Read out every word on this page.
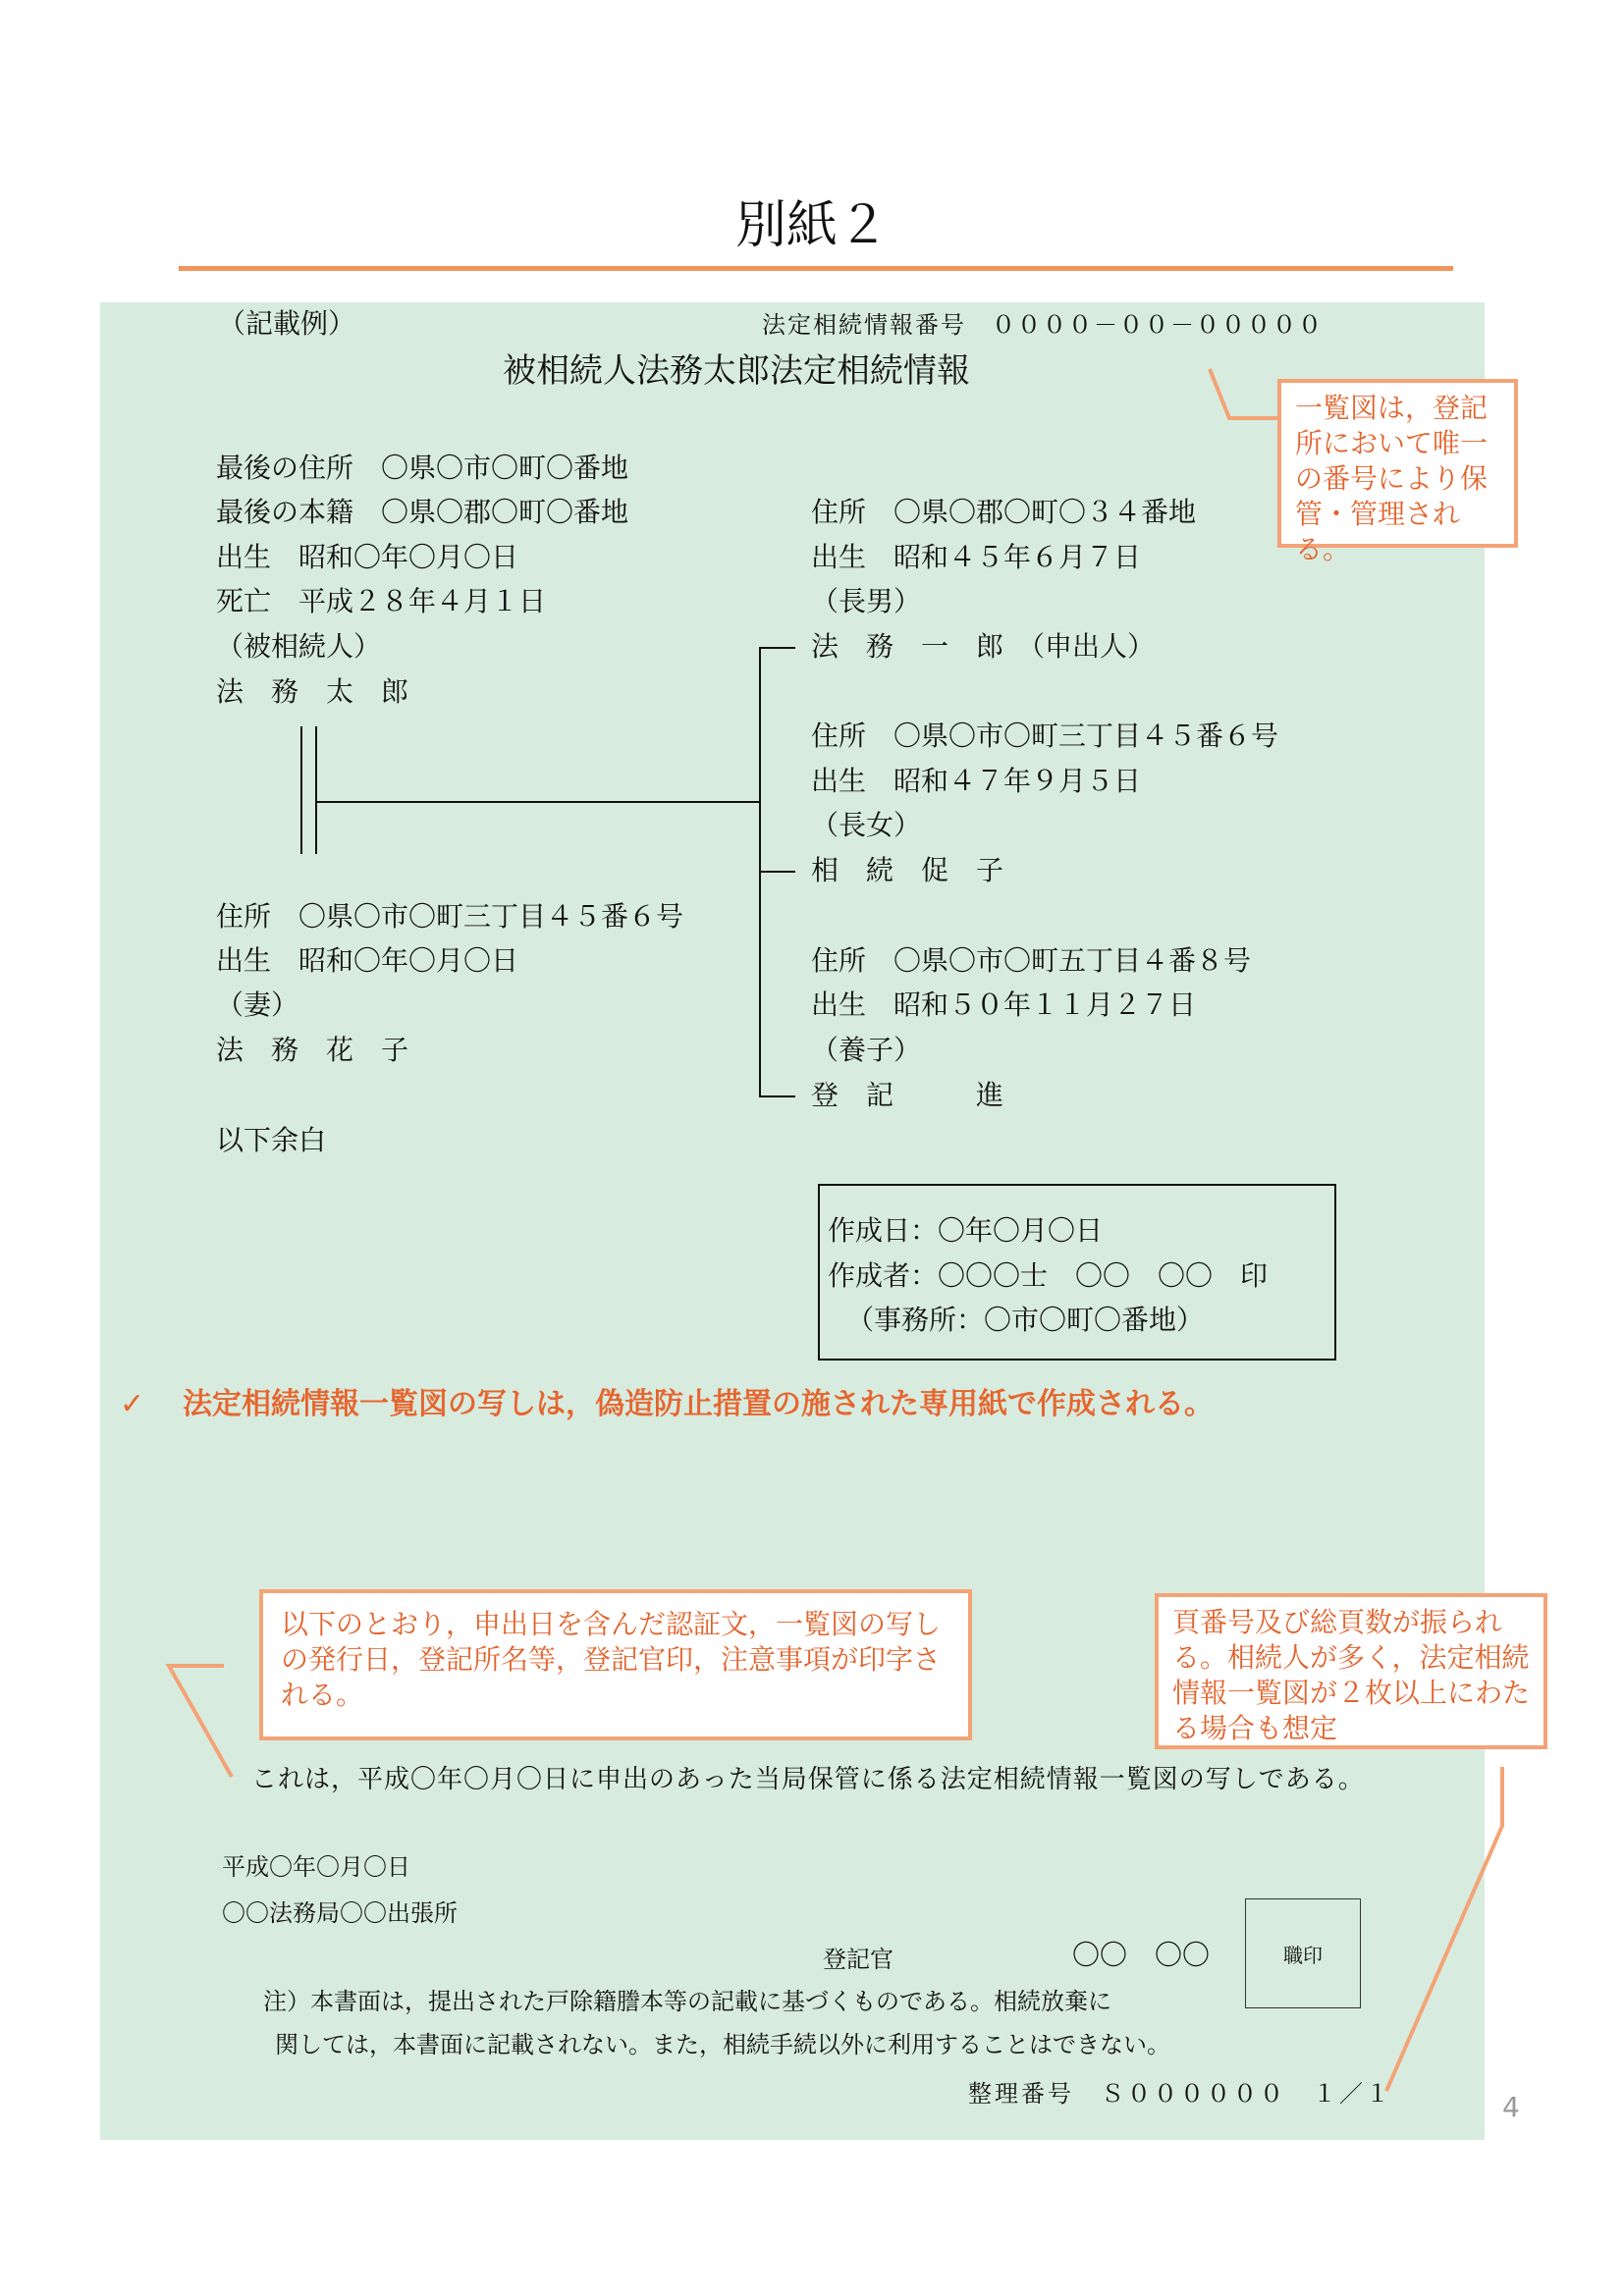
別紙２
（記載例）	法定相続情報番号　００００－００－０００００
被相続人法務太郎法定相続情報
最後の住所　〇県〇市〇町〇番地
最後の本籍　〇県〇郡〇町〇番地
出生　昭和〇年〇月〇日
死亡　平成２８年４月１日
（被相続人）
法　務　太　郎
住所　〇県〇市〇町三丁目４５番６号
出生　昭和〇年〇月〇日
（妻）
法　務　花　子
以下余白
住所　〇県〇郡〇町〇３４番地
出生　昭和４５年６月７日
（長男）
法　務　一　郎　（申出人）
住所　〇県〇市〇町三丁目４５番６号
出生　昭和４７年９月５日
（長女）
相　続　促　子
住所　〇県〇市〇町五丁目４番８号
出生　昭和５０年１１月２７日
（養子）
登　記　　　進
作成日：〇年〇月〇日
作成者：〇〇〇士　〇〇　〇〇　印
（事務所：〇市〇町〇番地）
✓ 法定相続情報一覧図の写しは，偽造防止措置の施された専用紙で作成される。
一覧図は，登記所において唯一の番号により保管・管理される。
以下のとおり，申出日を含んだ認証文，一覧図の写しの発行日，登記所名等，登記官印，注意事項が印字される。
頁番号及び総頁数が振られる。相続人が多く，法定相続情報一覧図が２枚以上にわたる場合も想定
これは，平成〇年〇月〇日に申出のあった当局保管に係る法定相続情報一覧図の写しである。
平成〇年〇月〇日
〇〇法務局〇〇出張所
登記官	〇〇　〇〇	職印
注）本書面は，提出された戸除籍謄本等の記載に基づくものである。相続放棄に
関しては，本書面に記載されない。また，相続手続以外に利用することはできない。
整理番号　Ｓ００００００　１／１	4
